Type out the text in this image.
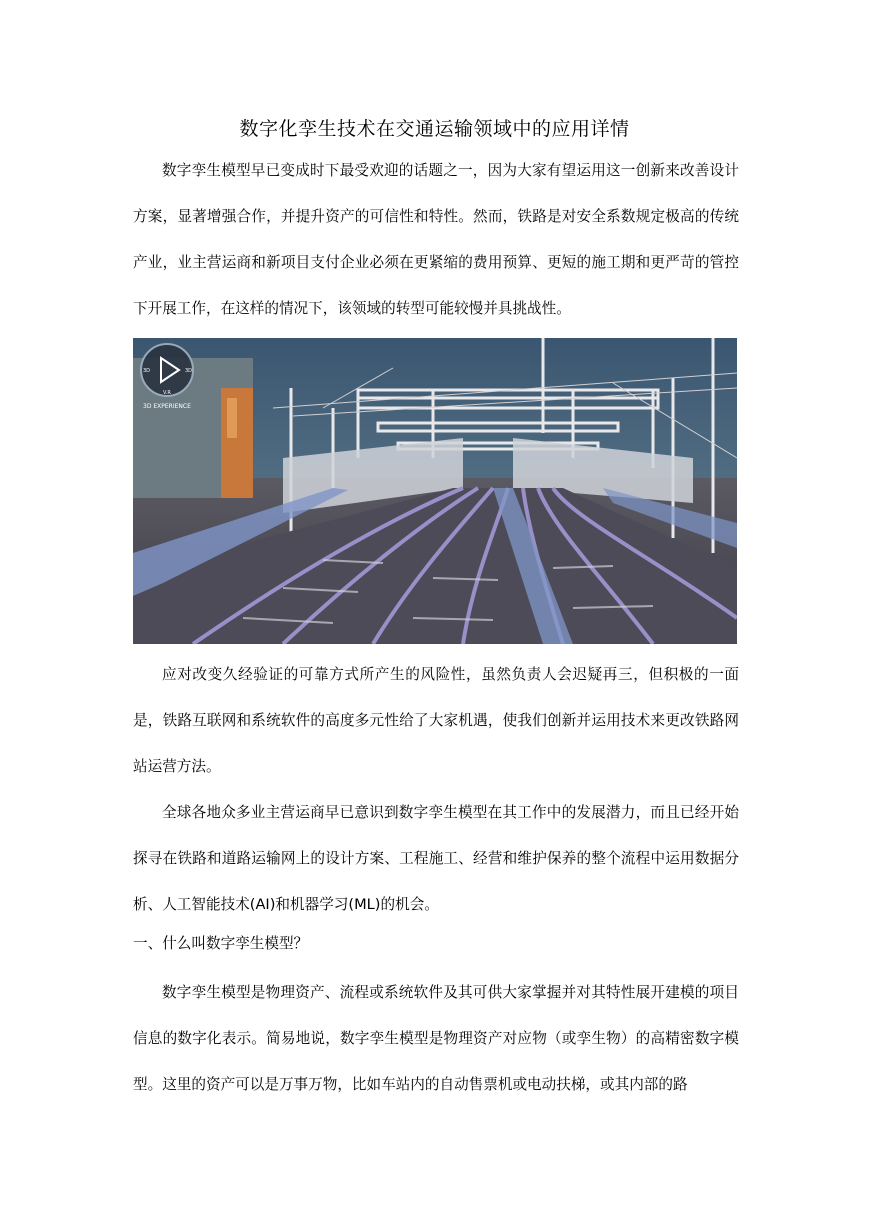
数字化孪生技术在交通运输领域中的应用详情

数字孪生模型早已变成时下最受欢迎的话题之一，因为大家有望运用这一创新来改善设计方案，显著增强合作，并提升资产的可信性和特性。然而，铁路是对安全系数规定极高的传统产业，业主营运商和新项目支付企业必须在更紧缩的费用预算、更短的施工期和更严苛的管控下开展工作，在这样的情况下，该领域的转型可能较慢并具挑战性。

3D	3D
V.R
3D EXPERIENCE

应对改变久经验证的可靠方式所产生的风险性，虽然负责人会迟疑再三，但积极的一面是，铁路互联网和系统软件的高度多元性给了大家机遇，使我们创新并运用技术来更改铁路网站运营方法。

全球各地众多业主营运商早已意识到数字孪生模型在其工作中的发展潜力，而且已经开始探寻在铁路和道路运输网上的设计方案、工程施工、经营和维护保养的整个流程中运用数据分析、人工智能技术(AI)和机器学习(ML)的机会。

一、什么叫数字孪生模型？

数字孪生模型是物理资产、流程或系统软件及其可供大家掌握并对其特性展开建模的项目信息的数字化表示。简易地说，数字孪生模型是物理资产对应物（或孪生物）的高精密数字模型。这里的资产可以是万事万物，比如车站内的自动售票机或电动扶梯，或其内部的路
